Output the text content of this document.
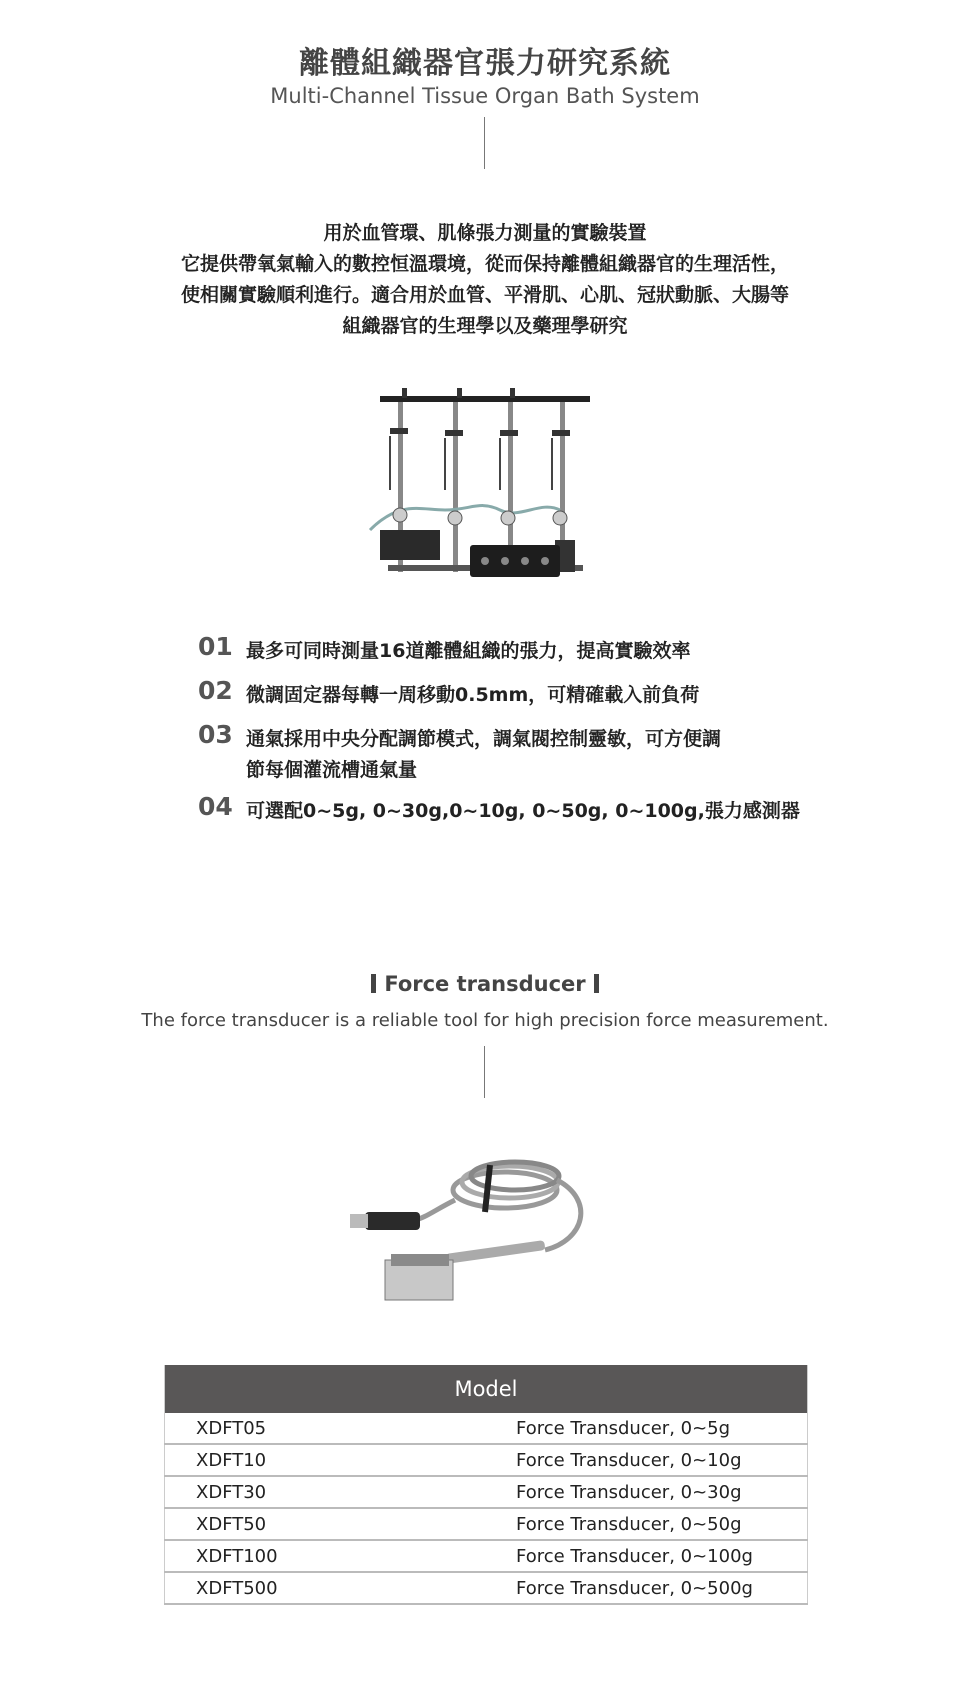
離體組織器官張力研究系統
Multi-Channel Tissue Organ Bath System
用於血管環、肌條張力測量的實驗裝置
它提供帶氧氣輸入的數控恒溫環境，從而保持離體組織器官的生理活性，
使相關實驗順利進行。適合用於血管、平滑肌、心肌、冠狀動脈、大腸等
組織器官的生理學以及藥理學研究
01 最多可同時測量16道離體組織的張力，提高實驗效率
02 微調固定器每轉一周移動0.5mm，可精確載入前負荷
03 通氣採用中央分配調節模式，調氣閥控制靈敏，可方便調
節每個灌流槽通氣量
04 可選配0~5g, 0~30g,0~10g, 0~50g, 0~100g,張力感測器
Force transducer
The force transducer is a reliable tool for high precision force measurement.
Model	
XDFT05	Force Transducer, 0~5g
XDFT10	Force Transducer, 0~10g
XDFT30	Force Transducer, 0~30g
XDFT50	Force Transducer, 0~50g
XDFT100	Force Transducer, 0~100g
XDFT500	Force Transducer, 0~500g
